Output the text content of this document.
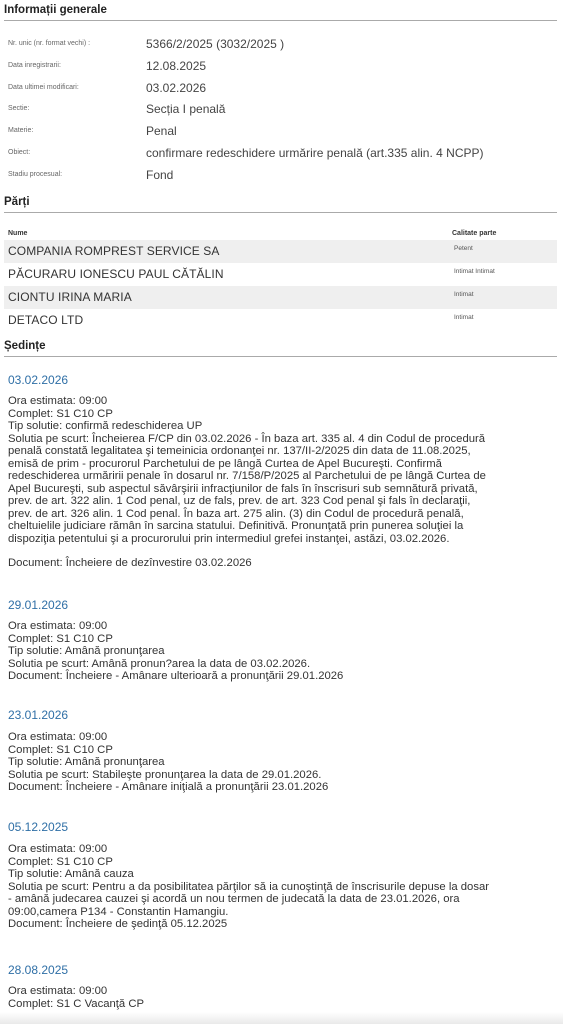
Informații generale
Nr. unic (nr. format vechi) :	5366/2/2025 (3032/2025 )
Data inregistrarii:	12.08.2025
Data ultimei modificari:	03.02.2026
Sectie:	Secția I penală
Materie:	Penal
Obiect:	confirmare redeschidere urmărire penală (art.335 alin. 4 NCPP)
Stadiu procesual:	Fond
Părți
Nume	Calitate parte
COMPANIA ROMPREST SERVICE SA	Petent
PĂCURARU IONESCU PAUL CĂTĂLIN	Intimat Intimat
CIONTU IRINA MARIA	Intimat
DETACO LTD	Intimat
Ședințe
03.02.2026
Ora estimata: 09:00
Complet: S1 C10 CP
Tip solutie: confirmă redeschiderea UP
Solutia pe scurt: Încheierea F/CP din 03.02.2026 - În baza art. 335 al. 4 din Codul de procedură
penală constată legalitatea şi temeinicia ordonanţei nr. 137/II-2/2025 din data de 11.08.2025,
emisă de prim - procurorul Parchetului de pe lângă Curtea de Apel Bucureşti. Confirmă
redeschiderea urmăririi penale în dosarul nr. 7/158/P/2025 al Parchetului de pe lângă Curtea de
Apel Bucureşti, sub aspectul săvârşirii infracţiunilor de fals în înscrisuri sub semnătură privată,
prev. de art. 322 alin. 1 Cod penal, uz de fals, prev. de art. 323 Cod penal şi fals în declaraţii,
prev. de art. 326 alin. 1 Cod penal. În baza art. 275 alin. (3) din Codul de procedură penală,
cheltuielile judiciare rămân în sarcina statului. Definitivă. Pronunţată prin punerea soluţiei la
dispoziţia petentului şi a procurorului prin intermediul grefei instanţei, astăzi, 03.02.2026.
Document: Încheiere de dezînvestire 03.02.2026
29.01.2026
Ora estimata: 09:00
Complet: S1 C10 CP
Tip solutie: Amână pronunţarea
Solutia pe scurt: Amână pronun?area la data de 03.02.2026.
Document: Încheiere - Amânare ulterioară a pronunţării 29.01.2026
23.01.2026
Ora estimata: 09:00
Complet: S1 C10 CP
Tip solutie: Amână pronunţarea
Solutia pe scurt: Stabileşte pronunţarea la data de 29.01.2026.
Document: Încheiere - Amânare iniţială a pronunţării 23.01.2026
05.12.2025
Ora estimata: 09:00
Complet: S1 C10 CP
Tip solutie: Amână cauza
Solutia pe scurt: Pentru a da posibilitatea părţilor să ia cunoştinţă de înscrisurile depuse la dosar
- amână judecarea cauzei şi acordă un nou termen de judecată la data de 23.01.2026, ora
09:00,camera P134 - Constantin Hamangiu.
Document: Încheiere de şedinţă 05.12.2025
28.08.2025
Ora estimata: 09:00
Complet: S1 C Vacanţă CP
